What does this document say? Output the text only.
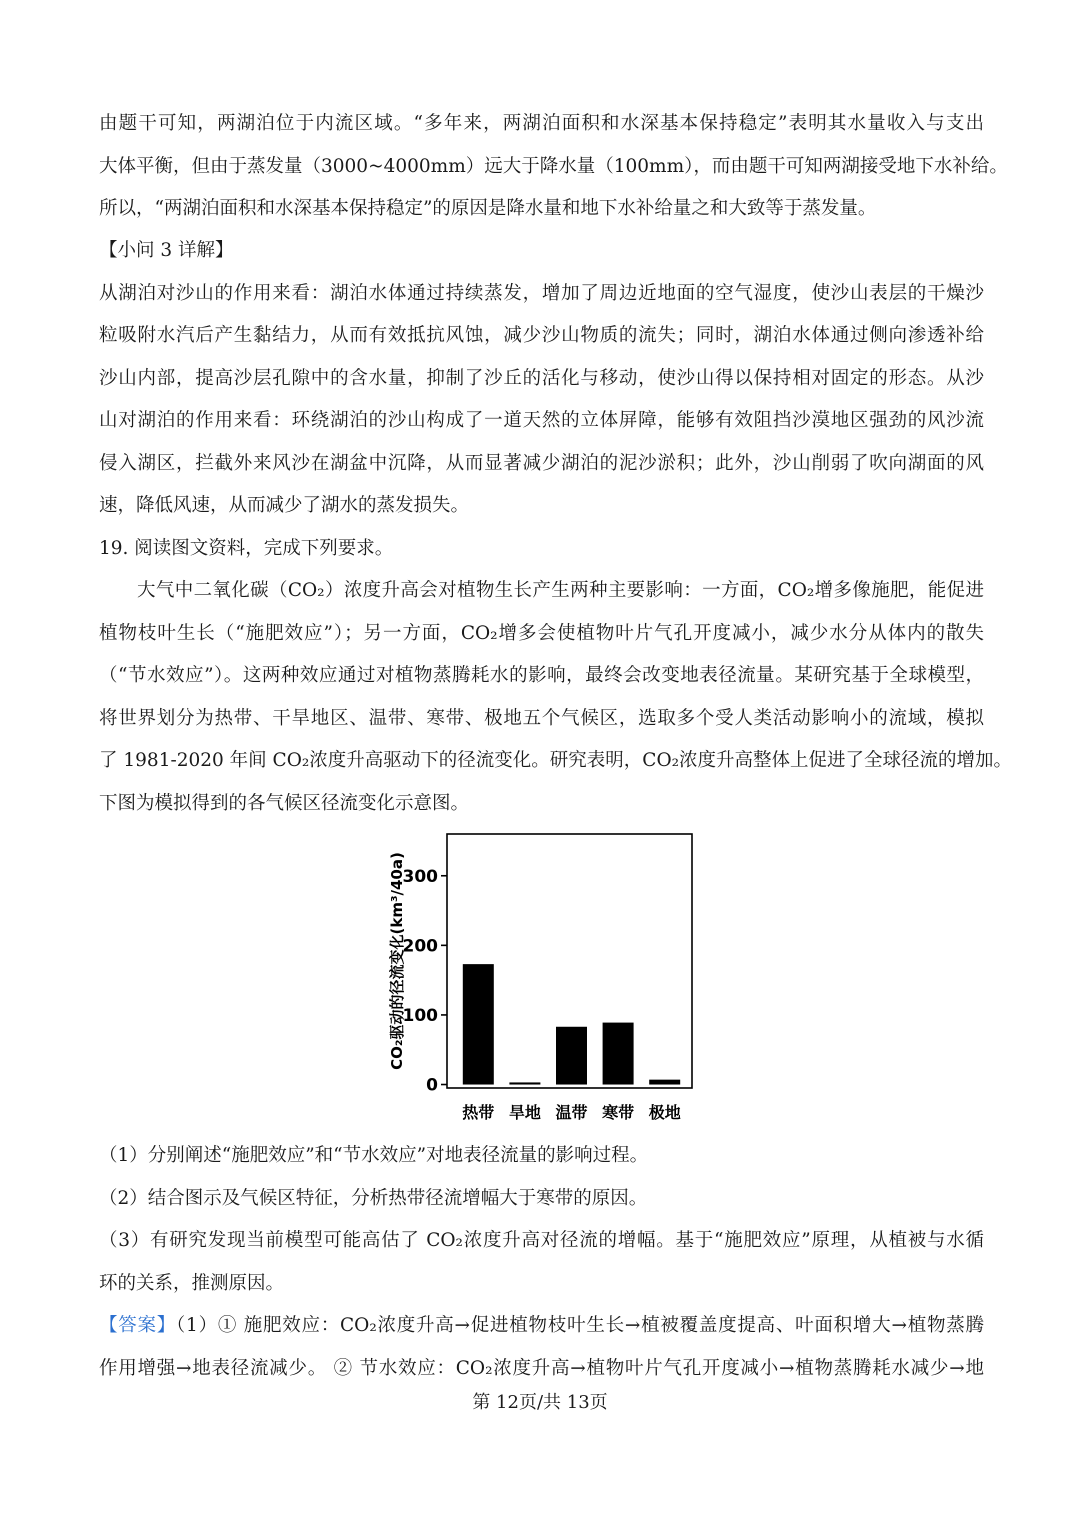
由题干可知，两湖泊位于内流区域。“多年来，两湖泊面积和水深基本保持稳定”表明其水量收入与支出
大体平衡，但由于蒸发量（3000~4000mm）远大于降水量（100mm），而由题干可知两湖接受地下水补给。
所以，“两湖泊面积和水深基本保持稳定”的原因是降水量和地下水补给量之和大致等于蒸发量。
【小问 3 详解】
从湖泊对沙山的作用来看：湖泊水体通过持续蒸发，增加了周边近地面的空气湿度，使沙山表层的干燥沙
粒吸附水汽后产生黏结力，从而有效抵抗风蚀，减少沙山物质的流失；同时，湖泊水体通过侧向渗透补给
沙山内部，提高沙层孔隙中的含水量，抑制了沙丘的活化与移动，使沙山得以保持相对固定的形态。从沙
山对湖泊的作用来看：环绕湖泊的沙山构成了一道天然的立体屏障，能够有效阻挡沙漠地区强劲的风沙流
侵入湖区，拦截外来风沙在湖盆中沉降，从而显著减少湖泊的泥沙淤积；此外，沙山削弱了吹向湖面的风
速，降低风速，从而减少了湖水的蒸发损失。
19. 阅读图文资料，完成下列要求。
大气中二氧化碳（CO₂）浓度升高会对植物生长产生两种主要影响：一方面，CO₂增多像施肥，能促进
植物枝叶生长（“施肥效应”）；另一方面，CO₂增多会使植物叶片气孔开度减小，减少水分从体内的散失
（“节水效应”）。这两种效应通过对植物蒸腾耗水的影响，最终会改变地表径流量。某研究基于全球模型，
将世界划分为热带、干旱地区、温带、寒带、极地五个气候区，选取多个受人类活动影响小的流域，模拟
了 1981-2020 年间 CO₂浓度升高驱动下的径流变化。研究表明，CO₂浓度升高整体上促进了全球径流的增加。
下图为模拟得到的各气候区径流变化示意图。
CO₂驱动的径流变化(km³/40a)
0
100
200
300
热带 旱地 温带 寒带 极地
（1）分别阐述“施肥效应”和“节水效应”对地表径流量的影响过程。
（2）结合图示及气候区特征，分析热带径流增幅大于寒带的原因。
（3）有研究发现当前模型可能高估了 CO₂浓度升高对径流的增幅。基于“施肥效应”原理，从植被与水循
环的关系，推测原因。
【答案】（1）① 施肥效应：CO₂浓度升高→促进植物枝叶生长→植被覆盖度提高、叶面积增大→植物蒸腾
作用增强→地表径流减少。 ② 节水效应：CO₂浓度升高→植物叶片气孔开度减小→植物蒸腾耗水减少→地
第 12页/共 13页
